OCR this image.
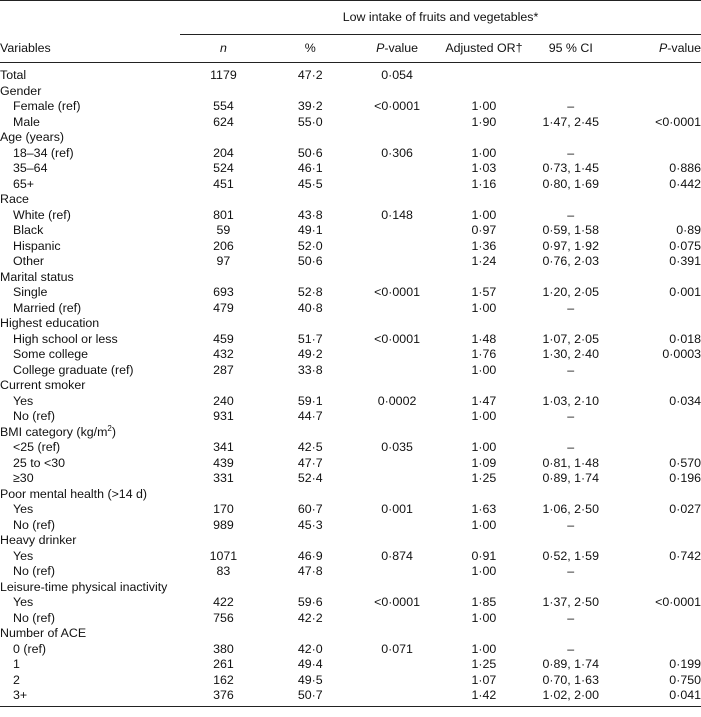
	Low intake of fruits and vegetables*					
Variables	n	%	P-value	Adjusted OR†	95 % CI	P-value
Total	1179	47·2	0·054			
Gender						
Female (ref)	554	39·2	<0·0001	1·00	–	
Male	624	55·0		1·90	1·47, 2·45	<0·0001
Age (years)						
18–34 (ref)	204	50·6	0·306	1·00	–	
35–64	524	46·1		1·03	0·73, 1·45	0·886
65+	451	45·5		1·16	0·80, 1·69	0·442
Race						
White (ref)	801	43·8	0·148	1·00	–	
Black	59	49·1		0·97	0·59, 1·58	0·89
Hispanic	206	52·0		1·36	0·97, 1·92	0·075
Other	97	50·6		1·24	0·76, 2·03	0·391
Marital status						
Single	693	52·8	<0·0001	1·57	1·20, 2·05	0·001
Married (ref)	479	40·8		1·00	–	
Highest education						
High school or less	459	51·7	<0·0001	1·48	1·07, 2·05	0·018
Some college	432	49·2		1·76	1·30, 2·40	0·0003
College graduate (ref)	287	33·8		1·00	–	
Current smoker						
Yes	240	59·1	0·0002	1·47	1·03, 2·10	0·034
No (ref)	931	44·7		1·00	–	
BMI category $(kg/m^2)$						
<25 (ref)	341	42·5	0·035	1·00	–	
25 to <30	439	47·7		1·09	0·81, 1·48	0·570
≥30	331	52·4		1·25	0·89, 1·74	0·196
Poor mental health (>14 d)						
Yes	170	60·7	0·001	1·63	1·06, 2·50	0·027
No (ref)	989	45·3		1·00	–	
Heavy drinker						
Yes	1071	46·9	0·874	0·91	0·52, 1·59	0·742
No (ref)	83	47·8		1·00	–	
Leisure-time physical inactivity						
Yes	422	59·6	<0·0001	1·85	1·37, 2·50	<0·0001
No (ref)	756	42·2		1·00	–	
Number of ACE						
0 (ref)	380	42·0	0·071	1·00	–	
1	261	49·4		1·25	0·89, 1·74	0·199
2	162	49·5		1·07	0·70, 1·63	0·750
3+	376	50·7		1·42	1·02, 2·00	0·041
